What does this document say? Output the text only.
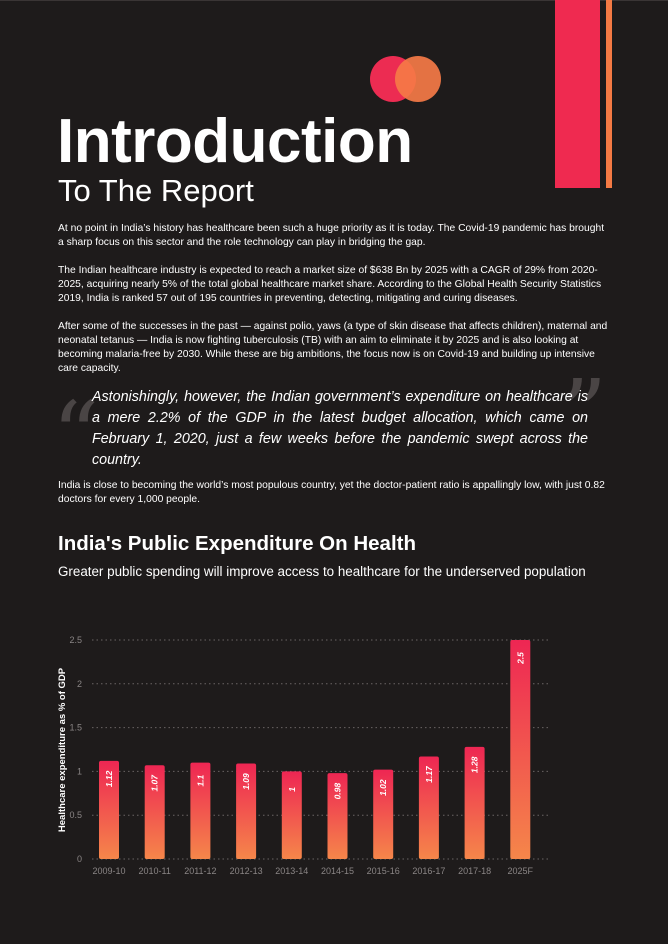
Introduction
To The Report

At no point in India’s history has healthcare been such a huge priority as it is today. The Covid-19 pandemic has brought a sharp focus on this sector and the role technology can play in bridging the gap.

The Indian healthcare industry is expected to reach a market size of $638 Bn by 2025 with a CAGR of 29% from 2020-2025, acquiring nearly 5% of the total global healthcare market share. According to the Global Health Security Statistics 2019, India is ranked 57 out of 195 countries in preventing, detecting, mitigating and curing diseases.

After some of the successes in the past — against polio, yaws (a type of skin disease that affects children), maternal and neonatal tetanus — India is now fighting tuberculosis (TB) with an aim to eliminate it by 2025 and is also looking at becoming malaria-free by 2030. While these are big ambitions, the focus now is on Covid-19 and building up intensive care capacity.

“	”

Astonishingly, however, the Indian government’s expenditure on healthcare is a mere 2.2% of the GDP in the latest budget allocation, which came on February 1, 2020, just a few weeks before the pandemic swept across the country.

India is close to becoming the world’s most populous country, yet the doctor-patient ratio is appallingly low, with just 0.82 doctors for every 1,000 people.

India's Public Expenditure On Health

Greater public spending will improve access to healthcare for the underserved population

Healthcare expenditure as % of GDP
0
0.5
1
1.5
2
2.5
1.12
2009-10
1.07
2010-11
1.1
2011-12
1.09
2012-13
1
2013-14
0.98
2014-15
1.02
2015-16
1.17
2016-17
1.28
2017-18
2.5
2025F
